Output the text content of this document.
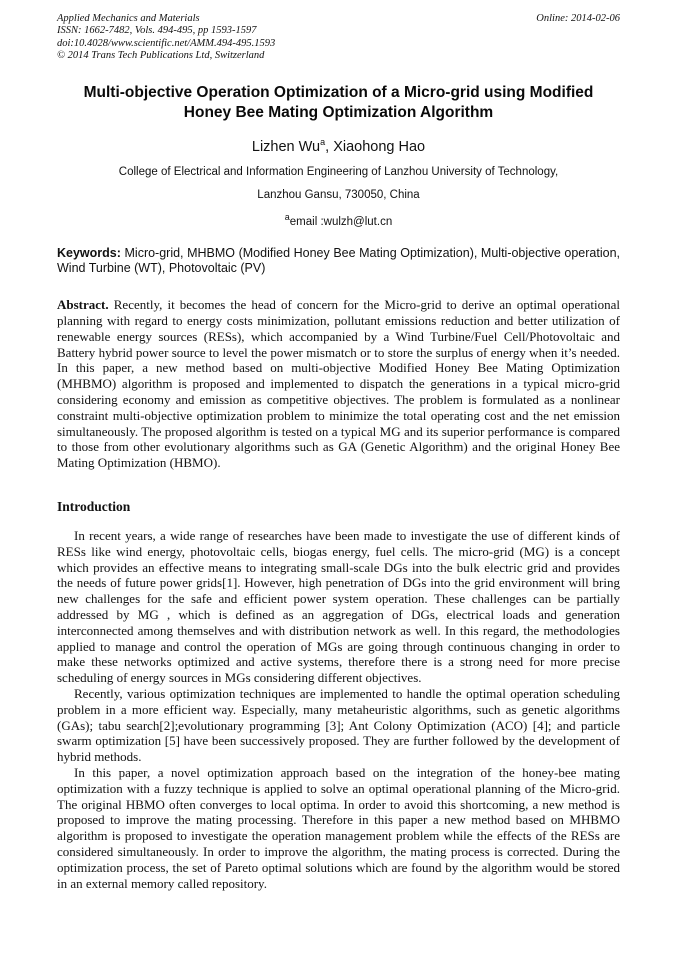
Applied Mechanics and Materials
ISSN: 1662-7482, Vols. 494-495, pp 1593-1597
doi:10.4028/www.scientific.net/AMM.494-495.1593
© 2014 Trans Tech Publications Ltd, Switzerland
Online: 2014-02-06
Multi-objective Operation Optimization of a Micro-grid using Modified
Honey Bee Mating Optimization Algorithm
Lizhen Wu$^a$, Xiaohong Hao
College of Electrical and Information Engineering of Lanzhou University of Technology,
Lanzhou Gansu, 730050, China
$^a$email :wulzh@lut.cn
Keywords: Micro-grid, MHBMO (Modified Honey Bee Mating Optimization), Multi-objective operation, Wind Turbine (WT), Photovoltaic (PV)
Abstract. Recently, it becomes the head of concern for the Micro-grid to derive an optimal operational planning with regard to energy costs minimization, pollutant emissions reduction and better utilization of renewable energy sources (RESs), which accompanied by a Wind Turbine/Fuel Cell/Photovoltaic and Battery hybrid power source to level the power mismatch or to store the surplus of energy when it’s needed. In this paper, a new method based on multi-objective Modified Honey Bee Mating Optimization (MHBMO) algorithm is proposed and implemented to dispatch the generations in a typical micro-grid considering economy and emission as competitive objectives. The problem is formulated as a nonlinear constraint multi-objective optimization problem to minimize the total operating cost and the net emission simultaneously. The proposed algorithm is tested on a typical MG and its superior performance is compared to those from other evolutionary algorithms such as GA (Genetic Algorithm) and the original Honey Bee Mating Optimization (HBMO).
Introduction

In recent years, a wide range of researches have been made to investigate the use of different kinds of RESs like wind energy, photovoltaic cells, biogas energy, fuel cells. The micro-grid (MG) is a concept which provides an effective means to integrating small-scale DGs into the bulk electric grid and provides the needs of future power grids[1]. However, high penetration of DGs into the grid environment will bring new challenges for the safe and efficient power system operation. These challenges can be partially addressed by MG , which is defined as an aggregation of DGs, electrical loads and generation interconnected among themselves and with distribution network as well. In this regard, the methodologies applied to manage and control the operation of MGs are going through continuous changing in order to make these networks optimized and active systems, therefore there is a strong need for more precise scheduling of energy sources in MGs considering different objectives.

Recently, various optimization techniques are implemented to handle the optimal operation scheduling problem in a more efficient way. Especially, many metaheuristic algorithms, such as genetic algorithms (GAs); tabu search[2];evolutionary programming [3]; Ant Colony Optimization (ACO) [4]; and particle swarm optimization [5] have been successively proposed. They are further followed by the development of hybrid methods.

In this paper, a novel optimization approach based on the integration of the honey-bee mating optimization with a fuzzy technique is applied to solve an optimal operational planning of the Micro-grid. The original HBMO often converges to local optima. In order to avoid this shortcoming, a new method is proposed to improve the mating processing. Therefore in this paper a new method based on MHBMO algorithm is proposed to investigate the operation management problem while the effects of the RESs are considered simultaneously. In order to improve the algorithm, the mating process is corrected. During the optimization process, the set of Pareto optimal solutions which are found by the algorithm would be stored in an external memory called repository.
